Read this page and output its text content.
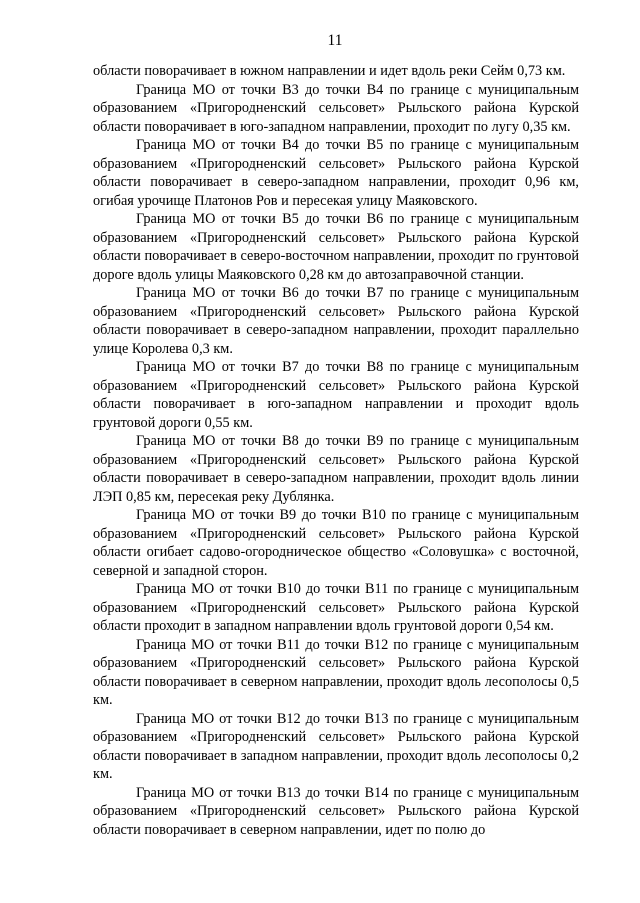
11

области поворачивает в южном направлении и идет вдоль реки Сейм 0,73 км.

Граница МО от точки В3 до точки В4 по границе с муниципальным образованием «Пригородненский сельсовет» Рыльского района Курской области поворачивает в юго-западном направлении, проходит по лугу 0,35 км.

Граница МО от точки В4 до точки В5 по границе с муниципальным образованием «Пригородненский сельсовет» Рыльского района Курской области поворачивает в северо-западном направлении, проходит 0,96 км, огибая урочище Платонов Ров и пересекая улицу Маяковского.

Граница МО от точки В5 до точки В6 по границе с муниципальным образованием «Пригородненский сельсовет» Рыльского района Курской области поворачивает в северо-восточном направлении, проходит по грунтовой дороге вдоль улицы Маяковского 0,28 км до автозаправочной станции.

Граница МО от точки В6 до точки В7 по границе с муниципальным образованием «Пригородненский сельсовет» Рыльского района Курской области поворачивает в северо-западном направлении, проходит параллельно улице Королева 0,3 км.

Граница МО от точки В7 до точки В8 по границе с муниципальным образованием «Пригородненский сельсовет» Рыльского района Курской области поворачивает в юго-западном направлении и проходит вдоль грунтовой дороги 0,55 км.

Граница МО от точки В8 до точки В9 по границе с муниципальным образованием «Пригородненский сельсовет» Рыльского района Курской области поворачивает в северо-западном направлении, проходит вдоль линии ЛЭП 0,85 км, пересекая реку Дублянка.

Граница МО от точки В9 до точки В10 по границе с муниципальным образованием «Пригородненский сельсовет» Рыльского района Курской области огибает садово-огородническое общество «Соловушка» с восточной, северной и западной сторон.

Граница МО от точки В10 до точки В11 по границе с муниципальным образованием «Пригородненский сельсовет» Рыльского района Курской области проходит в западном направлении вдоль грунтовой дороги 0,54 км.

Граница МО от точки В11 до точки В12 по границе с муниципальным образованием «Пригородненский сельсовет» Рыльского района Курской области поворачивает в северном направлении, проходит вдоль лесополосы 0,5 км.

Граница МО от точки В12 до точки В13 по границе с муниципальным образованием «Пригородненский сельсовет» Рыльского района Курской области поворачивает в западном направлении, проходит вдоль лесополосы 0,2 км.

Граница МО от точки В13 до точки В14 по границе с муниципальным образованием «Пригородненский сельсовет» Рыльского района Курской области поворачивает в северном направлении, идет по полю до
